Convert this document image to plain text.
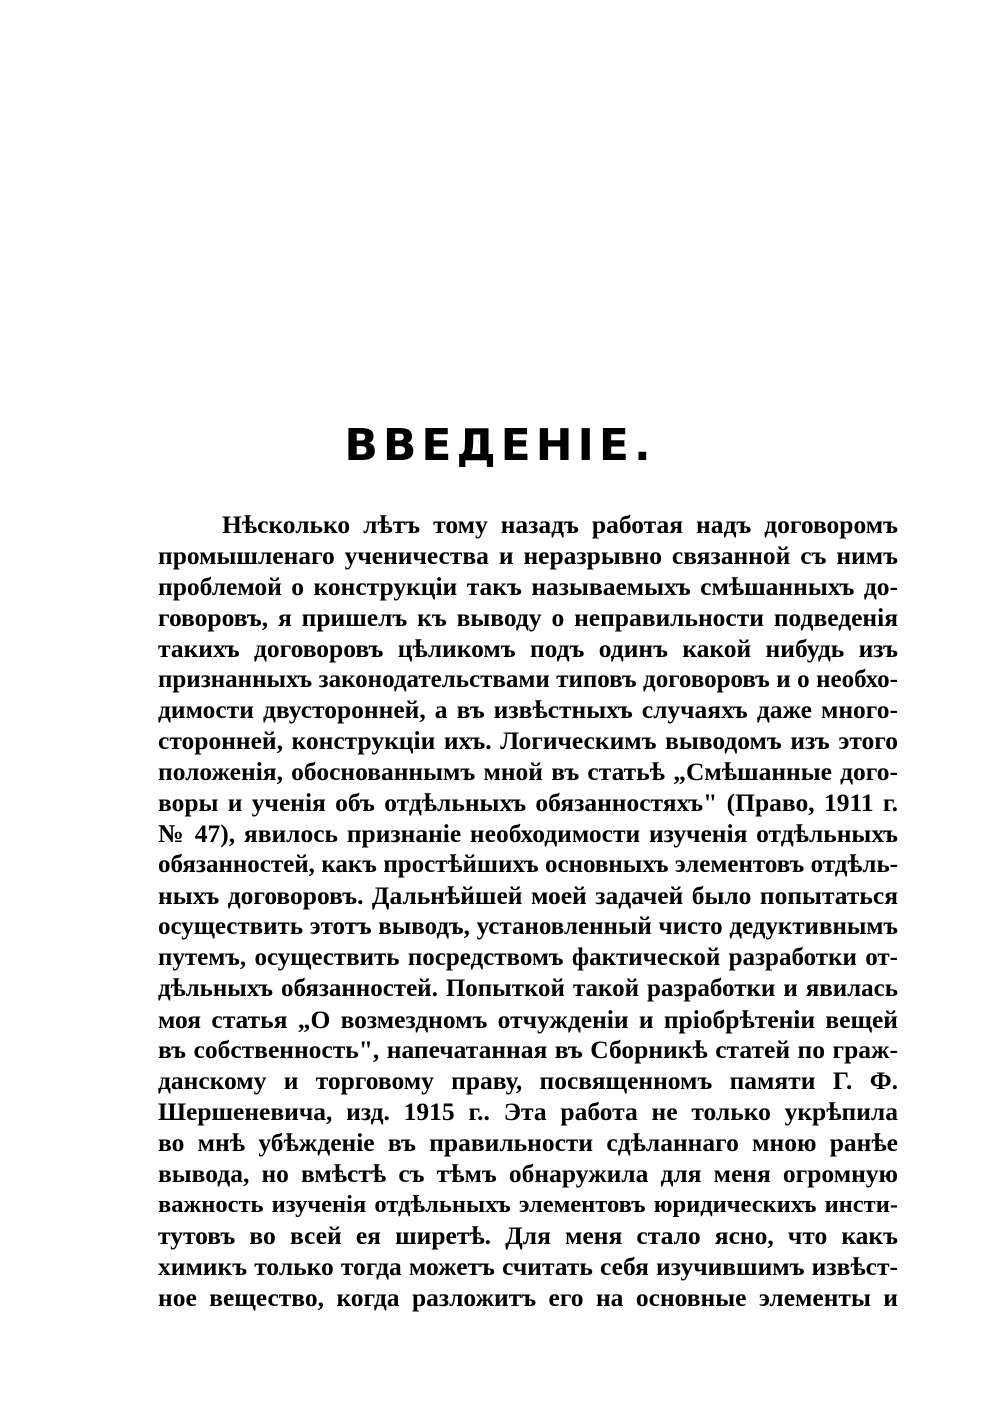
ВВЕДЕНІЕ.
Нѣсколько лѣтъ тому назадъ работая надъ договоромъ
промышленаго ученичества и неразрывно связанной съ нимъ
проблемой о конструкціи такъ называемыхъ смѣшанныхъ до-
говоровъ, я пришелъ къ выводу о неправильности подведенія
такихъ договоровъ цѣликомъ подъ одинъ какой нибудь изъ
признанныхъ законодательствами типовъ договоровъ и о необхо-
димости двусторонней, а въ извѣстныхъ случаяхъ даже много-
сторонней, конструкціи ихъ. Логическимъ выводомъ изъ этого
положенія, обоснованнымъ мной въ статьѣ „Смѣшанные дого-
воры и ученія объ отдѣльныхъ обязанностяхъ" (Право, 1911 г.
№ 47), явилось признаніе необходимости изученія отдѣльныхъ
обязанностей, какъ простѣйшихъ основныхъ элементовъ отдѣль-
ныхъ договоровъ. Дальнѣйшей моей задачей было попытаться
осуществить этотъ выводъ, установленный чисто дедуктивнымъ
путемъ, осуществить посредствомъ фактической разработки от-
дѣльныхъ обязанностей. Попыткой такой разработки и явилась
моя статья „О возмездномъ отчужденіи и пріобрѣтеніи вещей
въ собственность", напечатанная въ Сборникѣ статей по граж-
данскому и торговому праву, посвященномъ памяти Г. Ф.
Шершеневича, изд. 1915 г.. Эта работа не только укрѣпила
во мнѣ убѣжденіе въ правильности сдѣланнаго мною ранѣе
вывода, но вмѣстѣ съ тѣмъ обнаружила для меня огромную
важность изученія отдѣльныхъ элементовъ юридическихъ инсти-
тутовъ во всей ея ширетѣ. Для меня стало ясно, что какъ
химикъ только тогда можетъ считать себя изучившимъ извѣст-
ное вещество, когда разложитъ его на основные элементы и
